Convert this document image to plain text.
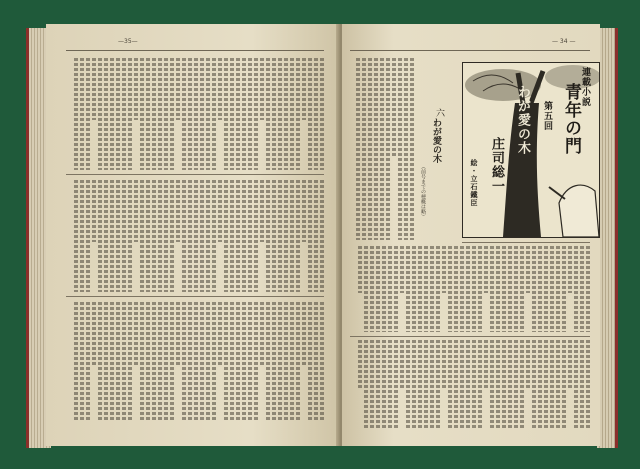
—35—	— 34 —
六
わが愛の木
（前号までの梗概は略）
連載小説
青年の門
第五回
わが愛の木
庄司総一
絵・立石鐵臣
